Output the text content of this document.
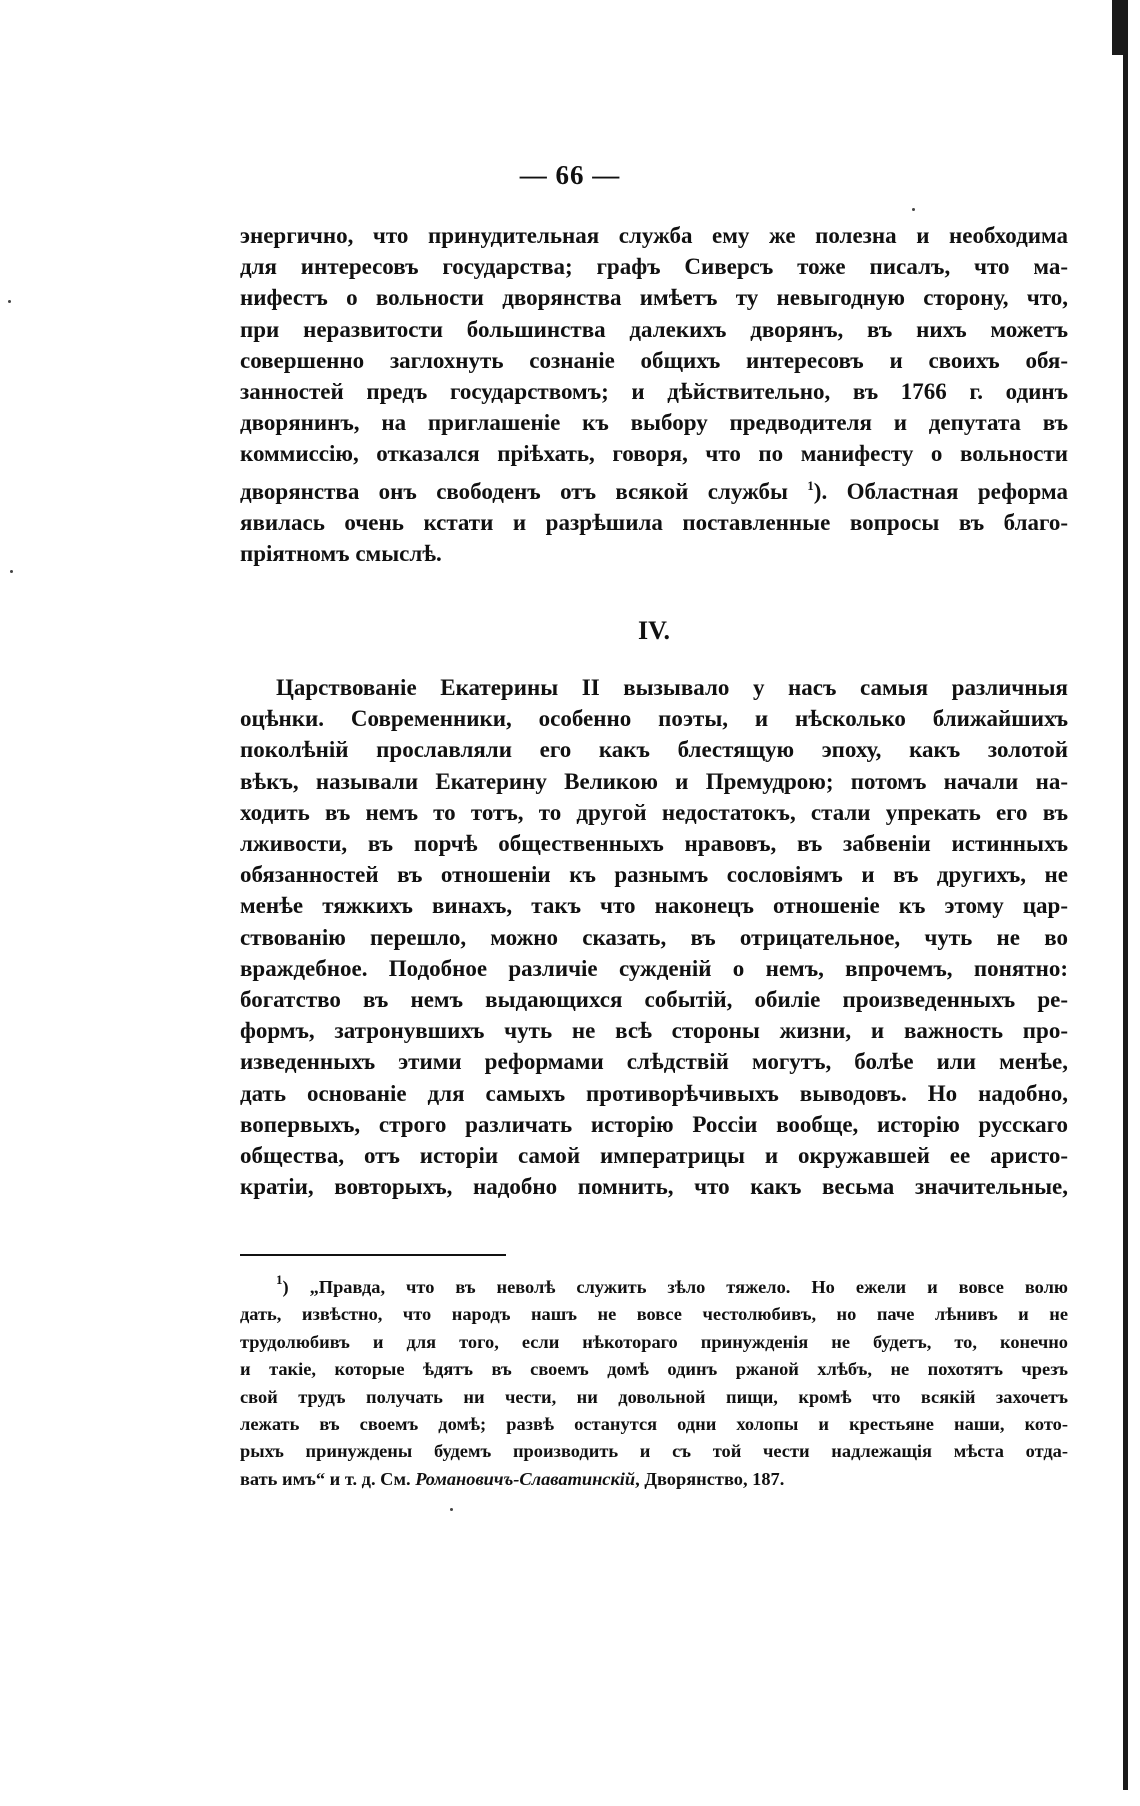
— 66 —
энергично, что принудительная служба ему же полезна и необходима
для интересовъ государства; графъ Сиверсъ тоже писалъ, что ма-
нифестъ о вольности дворянства имѣетъ ту невыгодную сторону, что,
при неразвитости большинства далекихъ дворянъ, въ нихъ можетъ
совершенно заглохнуть сознаніе общихъ интересовъ и своихъ обя-
занностей предъ государствомъ; и дѣйствительно, въ 1766 г. одинъ
дворянинъ, на приглашеніе къ выбору предводителя и депутата въ
коммиссію, отказался пріѣхать, говоря, что по манифесту о вольности
дворянства онъ свободенъ отъ всякой службы $^1$). Областная реформа
явилась очень кстати и разрѣшила поставленные вопросы въ благо-
пріятномъ смыслѣ.
IV.
Царствованіе Екатерины II вызывало у насъ самыя различныя
оцѣнки. Современники, особенно поэты, и нѣсколько ближайшихъ
поколѣній прославляли его какъ блестящую эпоху, какъ золотой
вѣкъ, называли Екатерину Великою и Премудрою; потомъ начали на-
ходить въ немъ то тотъ, то другой недостатокъ, стали упрекать его въ
лживости, въ порчѣ общественныхъ нравовъ, въ забвеніи истинныхъ
обязанностей въ отношеніи къ разнымъ сословіямъ и въ другихъ, не
менѣе тяжкихъ винахъ, такъ что наконецъ отношеніе къ этому цар-
ствованію перешло, можно сказать, въ отрицательное, чуть не во
враждебное. Подобное различіе сужденій о немъ, впрочемъ, понятно:
богатство въ немъ выдающихся событій, обиліе произведенныхъ ре-
формъ, затронувшихъ чуть не всѣ стороны жизни, и важность про-
изведенныхъ этими реформами слѣдствій могутъ, болѣе или менѣе,
дать основаніе для самыхъ противорѣчивыхъ выводовъ. Но надобно,
вопервыхъ, строго различать исторію Россіи вообще, исторію русскаго
общества, отъ исторіи самой императрицы и окружавшей ее аристо-
кратіи, вовторыхъ, надобно помнить, что какъ весьма значительные,
$^1$) „Правда, что въ неволѣ служить зѣло тяжело. Но ежели и вовсе волю
дать, извѣстно, что народъ нашъ не вовсе честолюбивъ, но паче лѣнивъ и не
трудолюбивъ и для того, если нѣкотораго принужденія не будетъ, то, конечно
и такіе, которые ѣдятъ въ своемъ домѣ одинъ ржаной хлѣбъ, не похотятъ чрезъ
свой трудъ получать ни чести, ни довольной пищи, кромѣ что всякій захочетъ
лежать въ своемъ домѣ; развѣ останутся одни холопы и крестьяне наши, кото-
рыхъ принуждены будемъ производить и съ той чести надлежащія мѣста отда-
вать имъ“ и т. д. См. Романовичъ-Славатинскій, Дворянство, 187.
